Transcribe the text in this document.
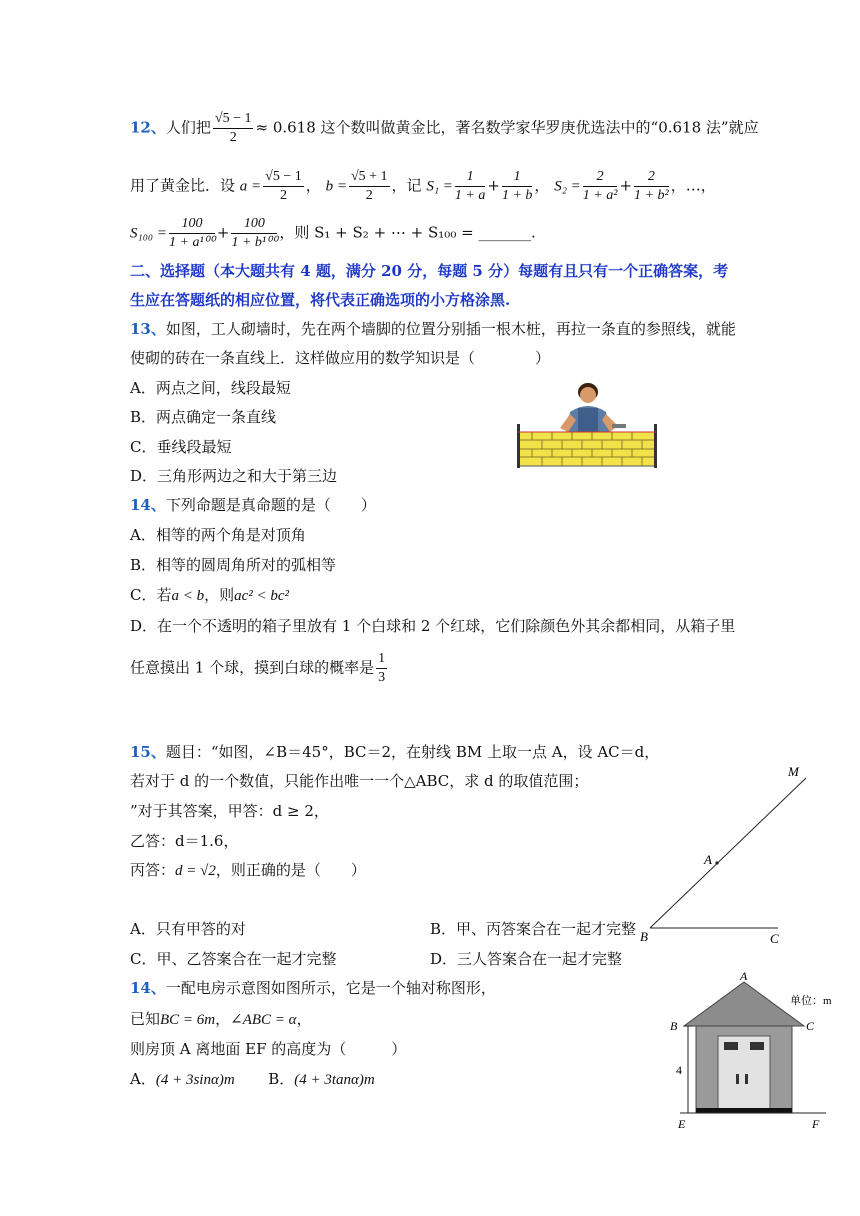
12、人们把 $\frac{√5 - 1}{2} \approx 0.618$ 这个数叫做黄金比，著名数学家华罗庚优选法中的“0.618 法”就应
用了黄金比．设 $a = \frac{√5 - 1}{2}$ ， $b = \frac{√5 + 1}{2}$ ，记 $S_1 = \frac{1}{1 + a} + \frac{1}{1 + b}$ ， $S_2 = \frac{2}{\text{1 + a²}} + \frac{2}{\text{1 + b²}}$ ，…，
$S_{100} = \frac{100}{\text{1 + a¹⁰⁰}} + \frac{100}{\text{1 + b¹⁰⁰}}$ ，则 S₁ + S₂ + ⋯ + S₁₀₀ = _______.
二、选择题（本大题共有 4 题，满分 20 分，每题 5 分）每题有且只有一个正确答案，考
生应在答题纸的相应位置，将代表正确选项的小方格涂黑.
13、如图，工人砌墙时，先在两个墙脚的位置分别插一根木桩，再拉一条直的参照线，就能
使砌的砖在一条直线上．这样做应用的数学知识是（　　　　）
A．两点之间，线段最短
B．两点确定一条直线
C．垂线段最短
D．三角形两边之和大于第三边
14、下列命题是真命题的是（　　）
A．相等的两个角是对顶角
B．相等的圆周角所对的弧相等
C．若a < b，则ac² < bc²
D．在一个不透明的箱子里放有 1 个白球和 2 个红球，它们除颜色外其余都相同，从箱子里
任意摸出 1 个球，摸到白球的概率是 $\frac{1}{3}$
15、题目：“如图，∠B＝45°，BC＝2，在射线 BM 上取一点 A，设 AC＝d，
若对于 d 的一个数值，只能作出唯一一个△ABC，求 d 的取值范围；
”对于其答案，甲答：d ≥ 2，
乙答：d＝1.6，
丙答：d = √2，则正确的是（　　）
A．只有甲答的对	B．甲、丙答案合在一起才完整
C．甲、乙答案合在一起才完整	D．三人答案合在一起才完整
M
A
B	C
14、一配电房示意图如图所示，它是一个轴对称图形，
已知BC = 6m，∠ABC = α，
则房顶 A 离地面 EF 的高度为（　　　）
A．(4 + 3sinα)m B．(4 + 3tanα)m
A
B	C
E	F
4
单位：m
